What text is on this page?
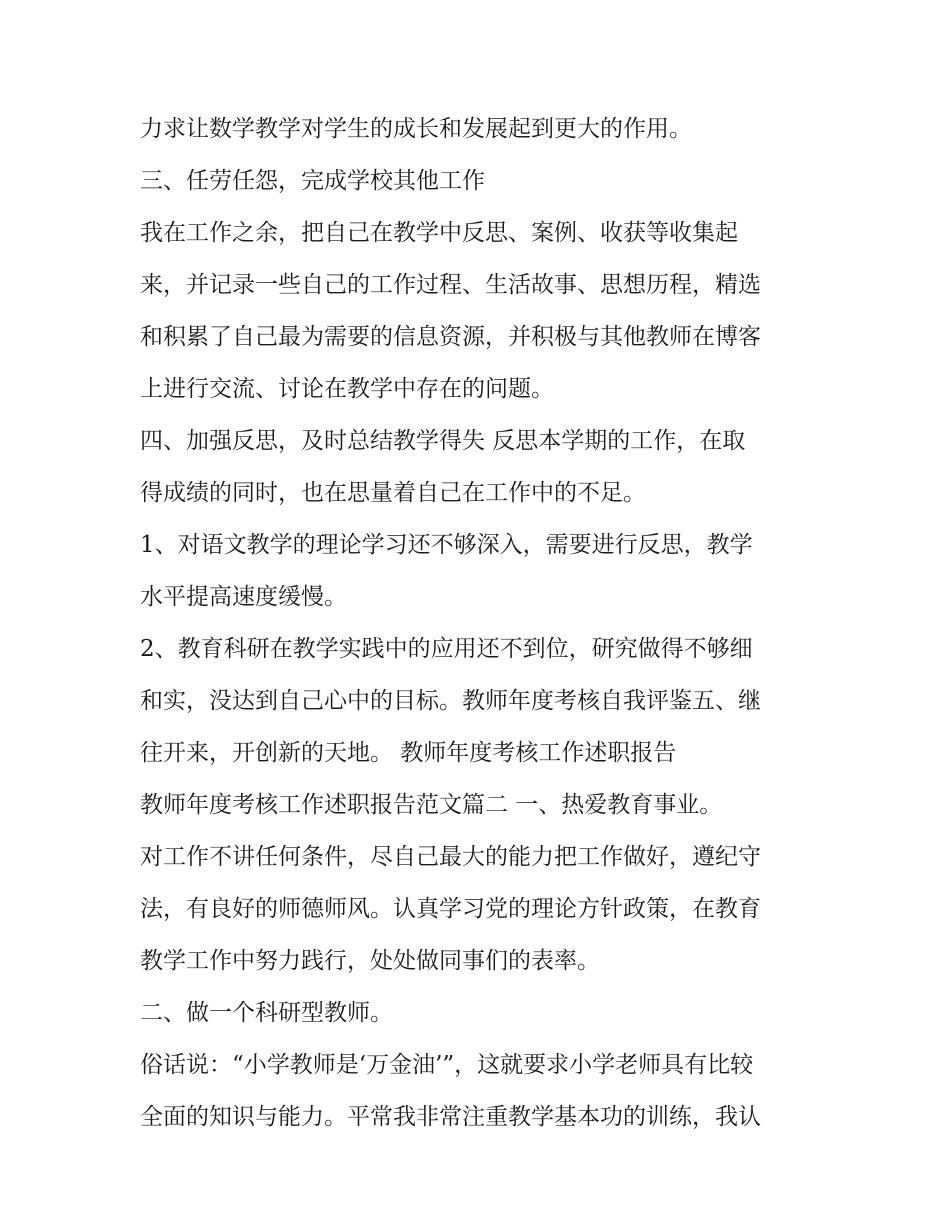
力求让数学教学对学生的成长和发展起到更大的作用。
三、任劳任怨，完成学校其他工作
我在工作之余，把自己在教学中反思、案例、收获等收集起
来，并记录一些自己的工作过程、生活故事、思想历程，精选
和积累了自己最为需要的信息资源，并积极与其他教师在博客
上进行交流、讨论在教学中存在的问题。
四、加强反思，及时总结教学得失 反思本学期的工作，在取
得成绩的同时，也在思量着自己在工作中的不足。
1、对语文教学的理论学习还不够深入，需要进行反思，教学
水平提高速度缓慢。
2、教育科研在教学实践中的应用还不到位，研究做得不够细
和实，没达到自己心中的目标。教师年度考核自我评鉴五、继
往开来，开创新的天地。 教师年度考核工作述职报告
教师年度考核工作述职报告范文篇二 一、热爱教育事业。
对工作不讲任何条件，尽自己最大的能力把工作做好，遵纪守
法，有良好的师德师风。认真学习党的理论方针政策，在教育
教学工作中努力践行，处处做同事们的表率。
二、做一个科研型教师。
俗话说：“小学教师是‘万金油’”，这就要求小学老师具有比较
全面的知识与能力。平常我非常注重教学基本功的训练，我认
